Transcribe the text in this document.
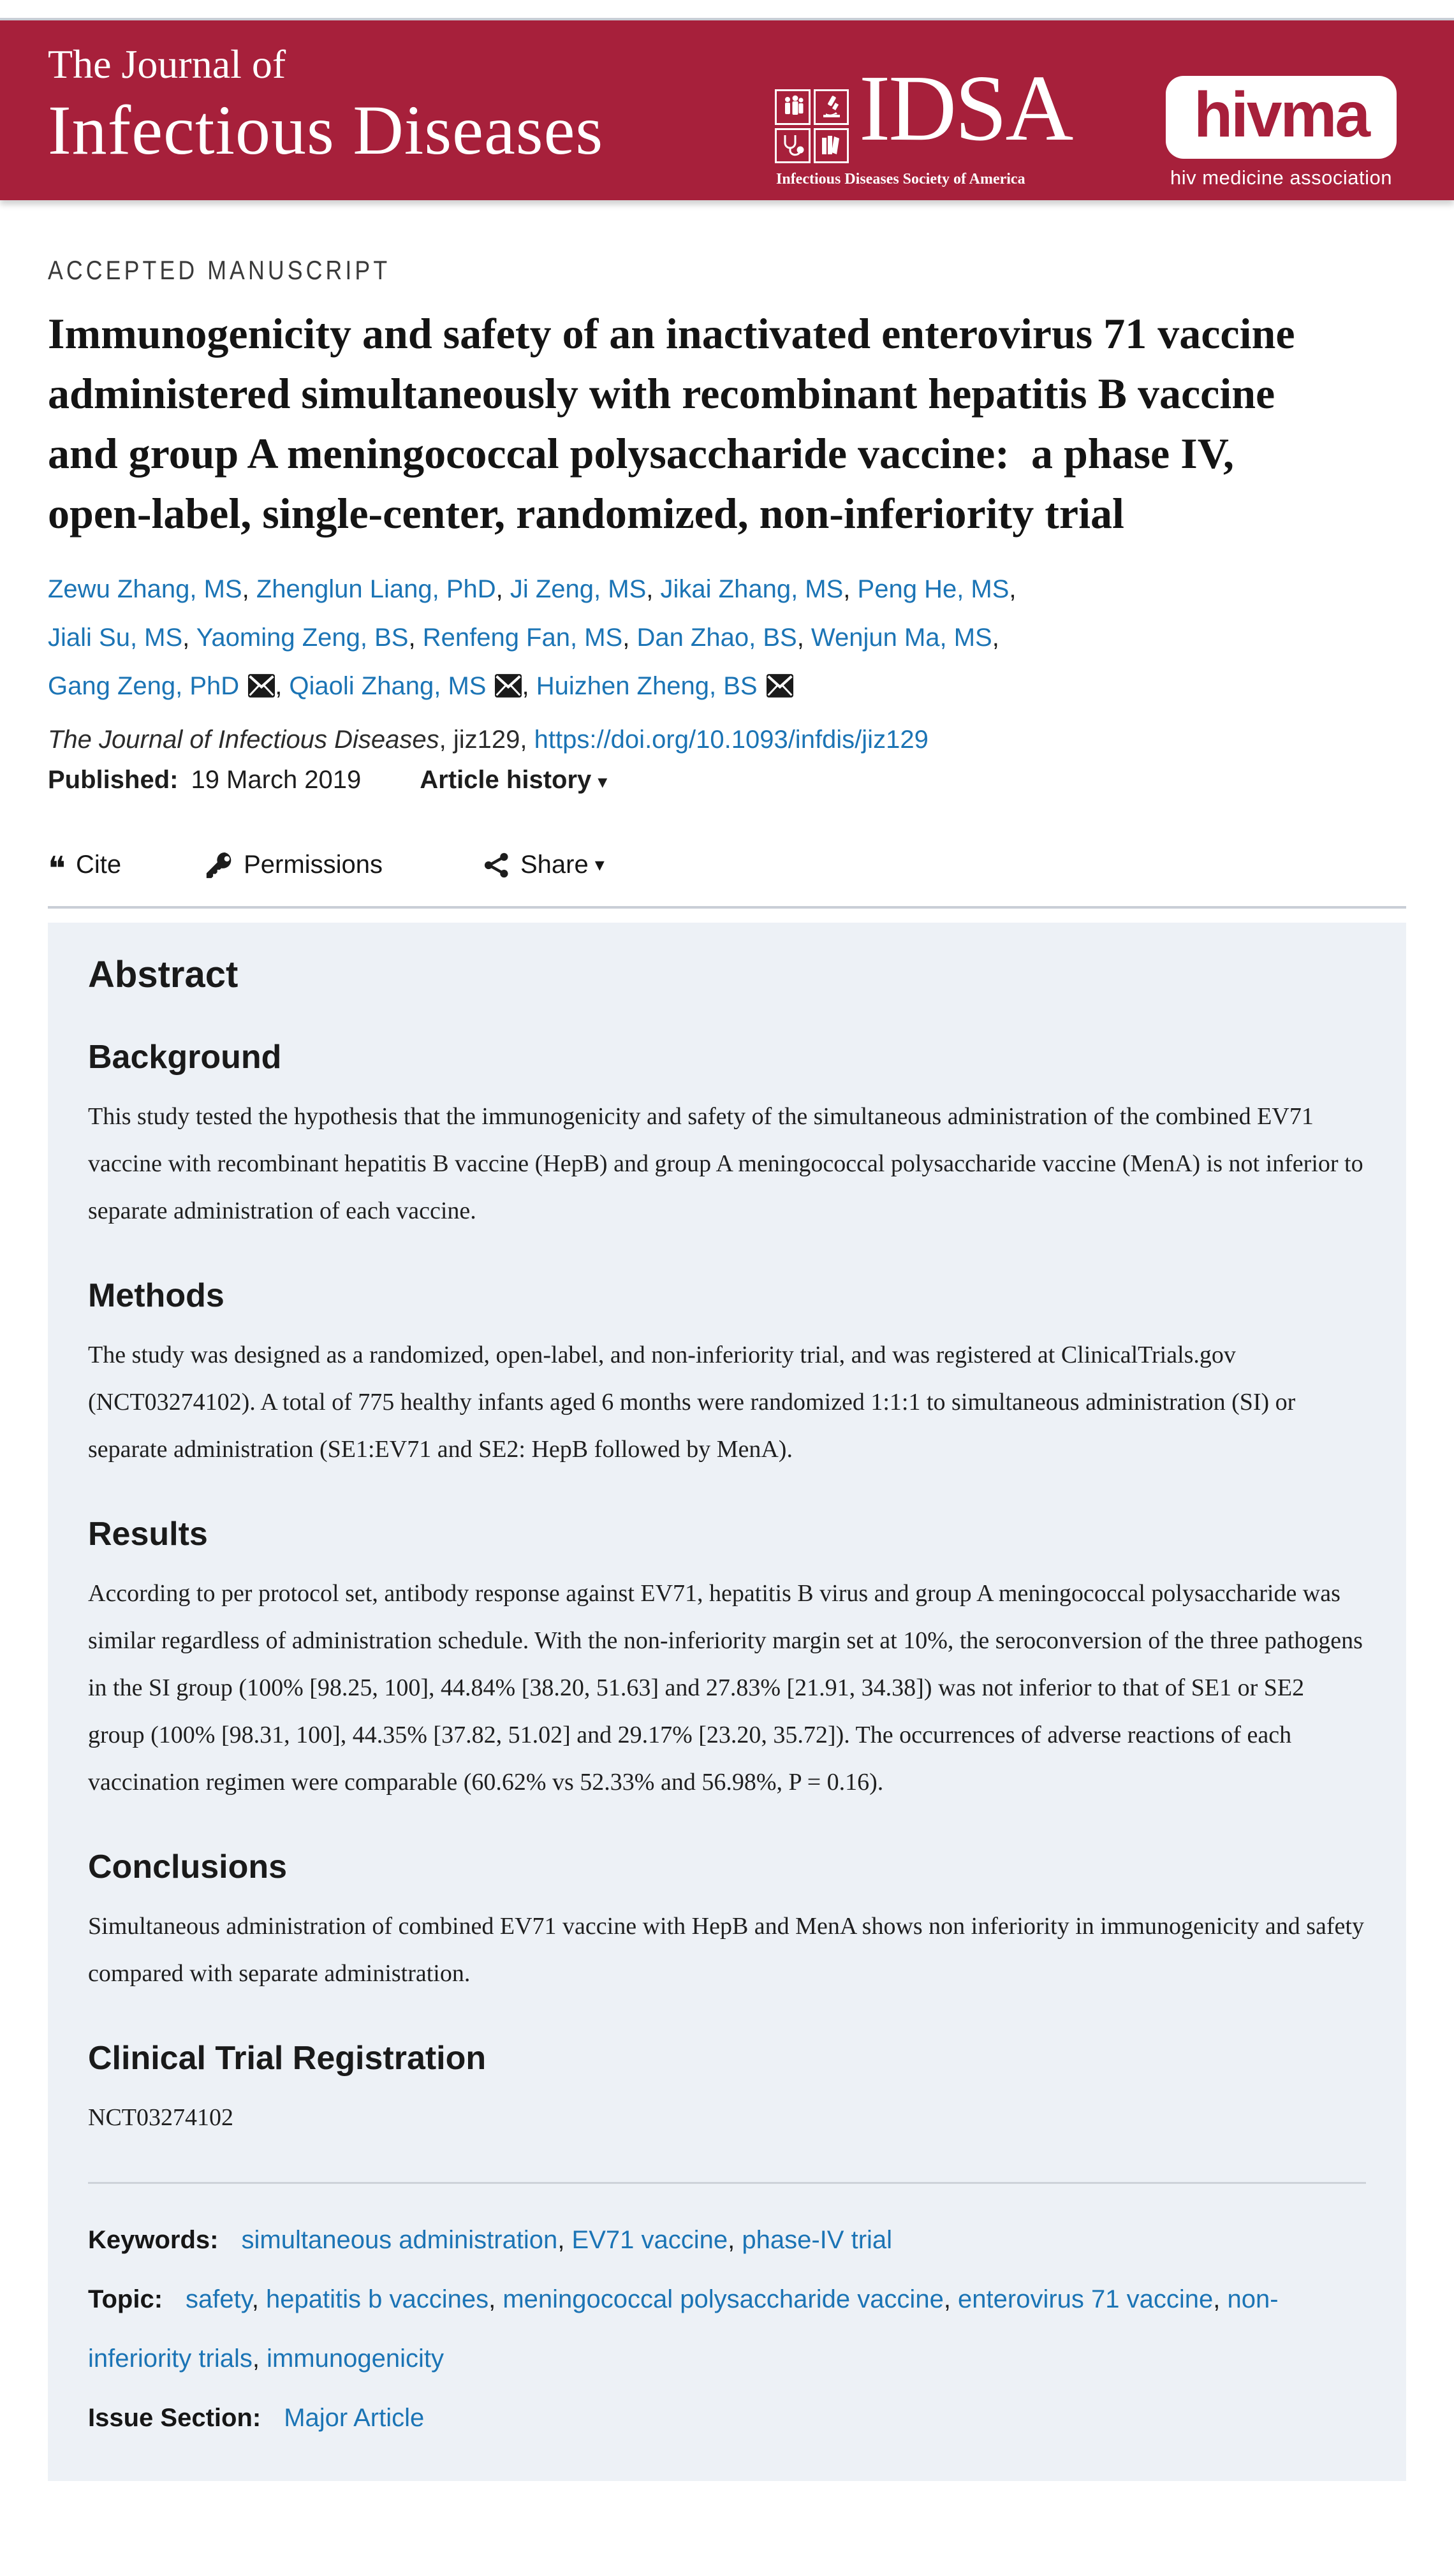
The Journal of
Infectious Diseases	IDSA
Infectious Diseases Society of America
hivma
hiv medicine association
ACCEPTED MANUSCRIPT
Immunogenicity and safety of an inactivated enterovirus 71 vaccine
administered simultaneously with recombinant hepatitis B vaccine
and group A meningococcal polysaccharide vaccine:  a phase IV,
open-label, single-center, randomized, non-inferiority trial
Zewu Zhang, MS, Zhenglun Liang, PhD, Ji Zeng, MS, Jikai Zhang, MS, Peng He, MS,
Jiali Su, MS, Yaoming Zeng, BS, Renfeng Fan, MS, Dan Zhao, BS, Wenjun Ma, MS,
Gang Zeng, PhD , Qiaoli Zhang, MS , Huizhen Zheng, BS
The Journal of Infectious Diseases, jiz129, https://doi.org/10.1093/infdis/jiz129
Published: 19 March 2019 Article history ▾
❝ Cite	Permissions	Share ▾
Abstract
Background

This study tested the hypothesis that the immunogenicity and safety of the simultaneous administration of the combined EV71 vaccine with recombinant hepatitis B vaccine (HepB) and group A meningococcal polysaccharide vaccine (MenA) is not inferior to separate administration of each vaccine.

Methods

The study was designed as a randomized, open-label, and non-inferiority trial, and was registered at ClinicalTrials.gov (NCT03274102). A total of 775 healthy infants aged 6 months were randomized 1:1:1 to simultaneous administration (SI) or separate administration (SE1:EV71 and SE2: HepB followed by MenA).

Results

According to per protocol set, antibody response against EV71, hepatitis B virus and group A meningococcal polysaccharide was similar regardless of administration schedule. With the non-inferiority margin set at 10%, the seroconversion of the three pathogens in the SI group (100% [98.25, 100], 44.84% [38.20, 51.63] and 27.83% [21.91, 34.38]) was not inferior to that of SE1 or SE2 group (100% [98.31, 100], 44.35% [37.82, 51.02] and 29.17% [23.20, 35.72]). The occurrences of adverse reactions of each vaccination regimen were comparable (60.62% vs 52.33% and 56.98%, P = 0.16).

Conclusions

Simultaneous administration of combined EV71 vaccine with HepB and MenA shows non inferiority in immunogenicity and safety compared with separate administration.

Clinical Trial Registration

NCT03274102

Keywords: simultaneous administration, EV71 vaccine, phase-IV trial
Topic: safety, hepatitis b vaccines, meningococcal polysaccharide vaccine, enterovirus 71 vaccine, non-inferiority trials, immunogenicity
Issue Section: Major Article
